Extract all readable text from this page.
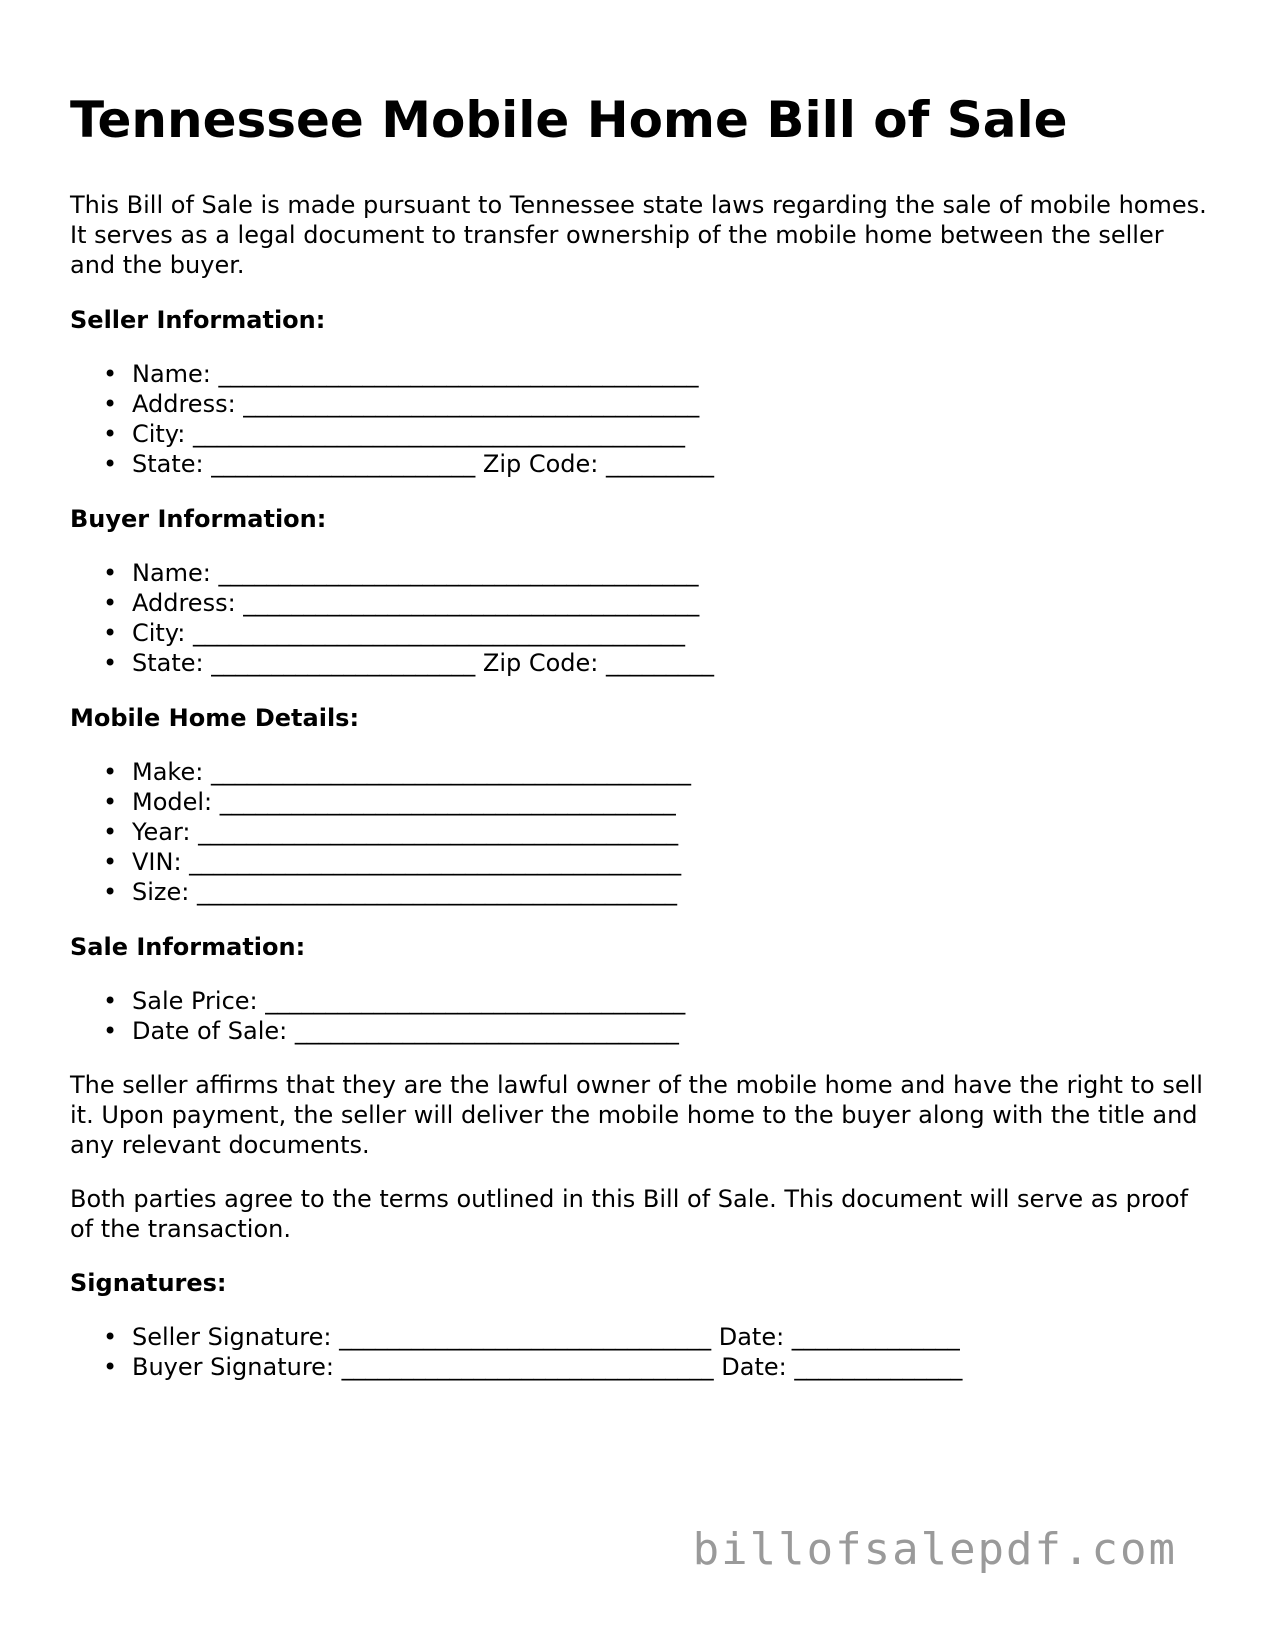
Tennessee Mobile Home Bill of Sale

This Bill of Sale is made pursuant to Tennessee state laws regarding the sale of mobile homes. It serves as a legal document to transfer ownership of the mobile home between the seller and the buyer.

Seller Information:
• Name: ________________________________________
• Address: ______________________________________
• City: _________________________________________
• State: ______________________ Zip Code: _________
Buyer Information:
• Name: ________________________________________
• Address: ______________________________________
• City: _________________________________________
• State: ______________________ Zip Code: _________
Mobile Home Details:
• Make: ________________________________________
• Model: ______________________________________
• Year: ________________________________________
• VIN: _________________________________________
• Size: ________________________________________
Sale Information:
• Sale Price: ___________________________________
• Date of Sale: ________________________________

The seller affirms that they are the lawful owner of the mobile home and have the right to sell it. Upon payment, the seller will deliver the mobile home to the buyer along with the title and any relevant documents.

Both parties agree to the terms outlined in this Bill of Sale. This document will serve as proof of the transaction.

Signatures:
• Seller Signature: _______________________________ Date: ______________
• Buyer Signature: _______________________________ Date: ______________
billofsalepdf.com
